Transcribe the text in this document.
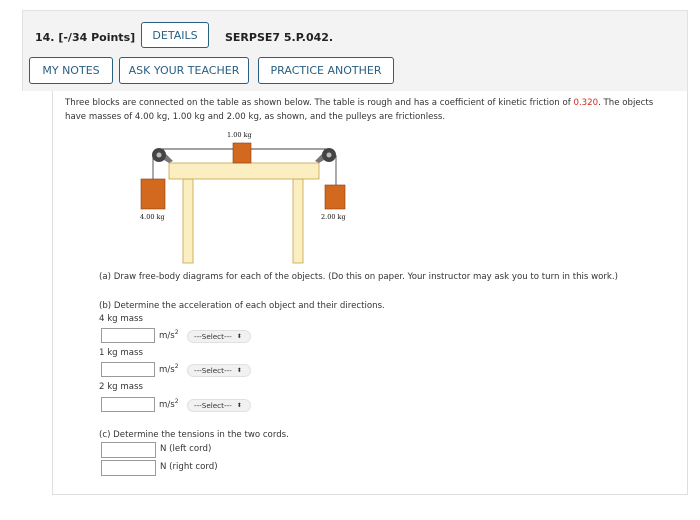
14. [-/34 Points]	DETAILS	SERPSE7 5.P.042.
MY NOTES	ASK YOUR TEACHER	PRACTICE ANOTHER
Three blocks are connected on the table as shown below. The table is rough and has a coefficient of kinetic friction of 0.320. The objects have masses of 4.00 kg, 1.00 kg and 2.00 kg, as shown, and the pulleys are frictionless.
1.00 kg
4.00 kg	2.00 kg
(a) Draw free-body diagrams for each of the objects. (Do this on paper. Your instructor may ask you to turn in this work.)
(b) Determine the acceleration of each object and their directions.
4 kg mass
$m/s^2$ ---Select--- ⬍
1 kg mass
$m/s^2$ ---Select--- ⬍
2 kg mass
$m/s^2$ ---Select--- ⬍
(c) Determine the tensions in the two cords.
N (left cord)
N (right cord)
